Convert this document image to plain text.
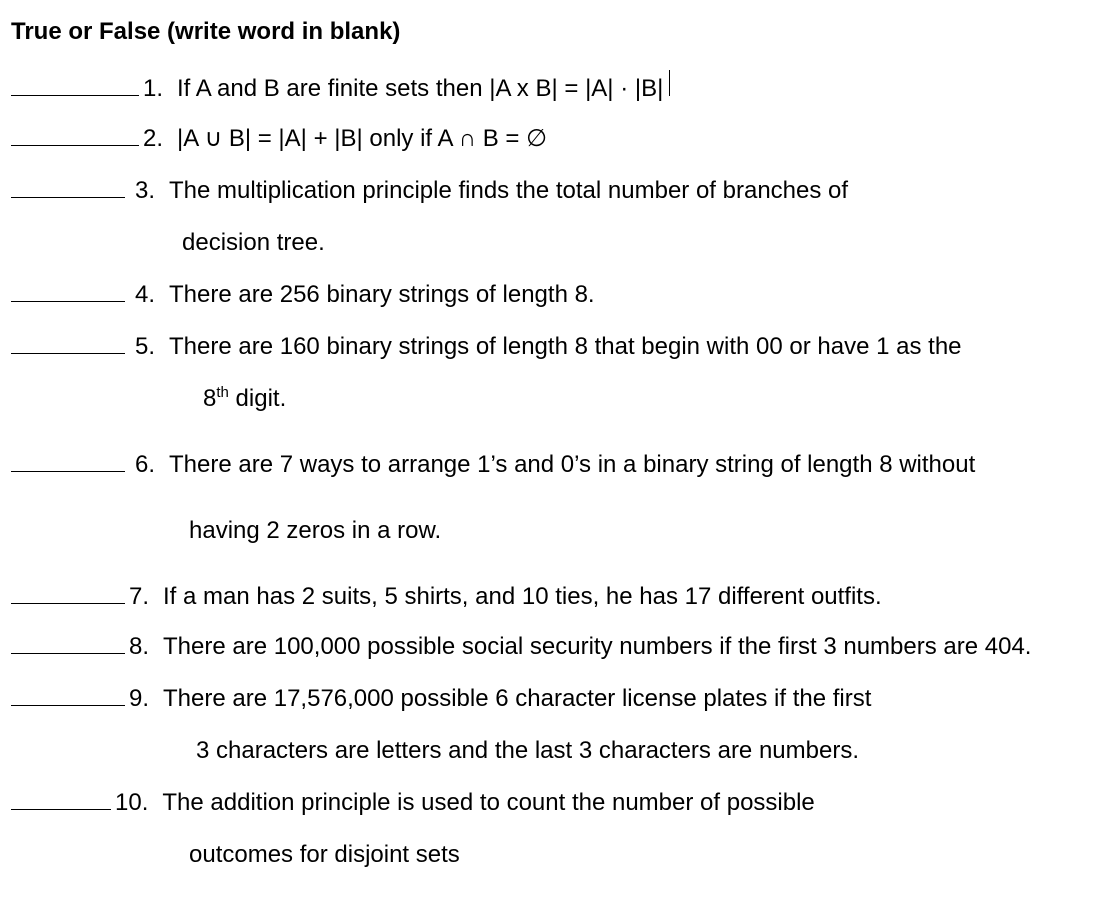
True or False (write word in blank)
1. If A and B are finite sets then |A x B| = |A| · |B|
2. |A ∪ B| = |A| + |B| only if A ∩ B = ∅
3. The multiplication principle finds the total number of branches of
decision tree.
4. There are 256 binary strings of length 8.
5. There are 160 binary strings of length 8 that begin with 00 or have 1 as the
8th digit.
6. There are 7 ways to arrange 1’s and 0’s in a binary string of length 8 without
having 2 zeros in a row.
7. If a man has 2 suits, 5 shirts, and 10 ties, he has 17 different outfits.
8. There are 100,000 possible social security numbers if the first 3 numbers are 404.
9. There are 17,576,000 possible 6 character license plates if the first
3 characters are letters and the last 3 characters are numbers.
10. The addition principle is used to count the number of possible
outcomes for disjoint sets
